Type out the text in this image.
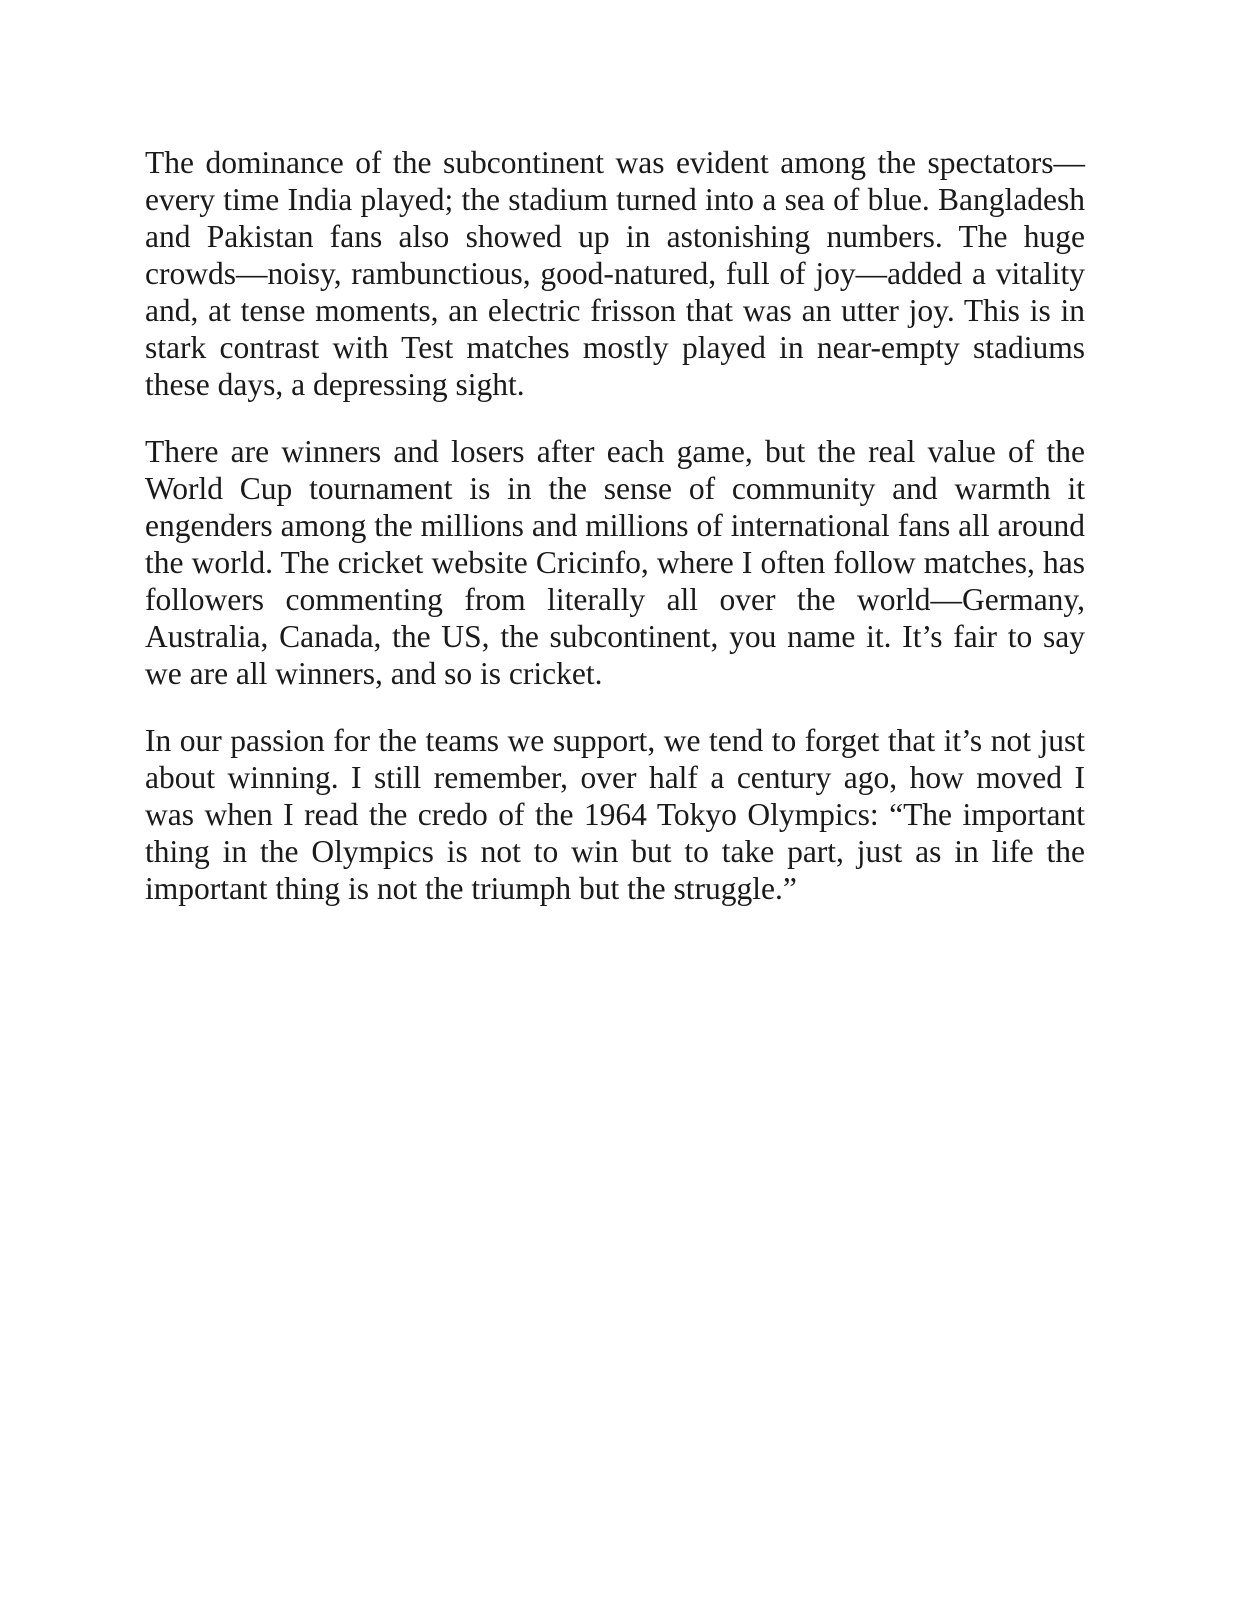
The dominance of the subcontinent was evident among the spectators—every time India played; the stadium turned into a sea of blue. Bangladesh and Pakistan fans also showed up in astonishing numbers. The huge crowds—noisy, rambunctious, good-natured, full of joy—added a vitality and, at tense moments, an electric frisson that was an utter joy. This is in stark contrast with Test matches mostly played in near-empty stadiums these days, a depressing sight.

There are winners and losers after each game, but the real value of the World Cup tournament is in the sense of community and warmth it engenders among the millions and millions of international fans all around the world. The cricket website Cricinfo, where I often follow matches, has followers commenting from literally all over the world—Germany, Australia, Canada, the US, the subcontinent, you name it. It’s fair to say we are all winners, and so is cricket.

In our passion for the teams we support, we tend to forget that it’s not just about winning. I still remember, over half a century ago, how moved I was when I read the credo of the 1964 Tokyo Olympics: “The important thing in the Olympics is not to win but to take part, just as in life the important thing is not the triumph but the struggle.”
